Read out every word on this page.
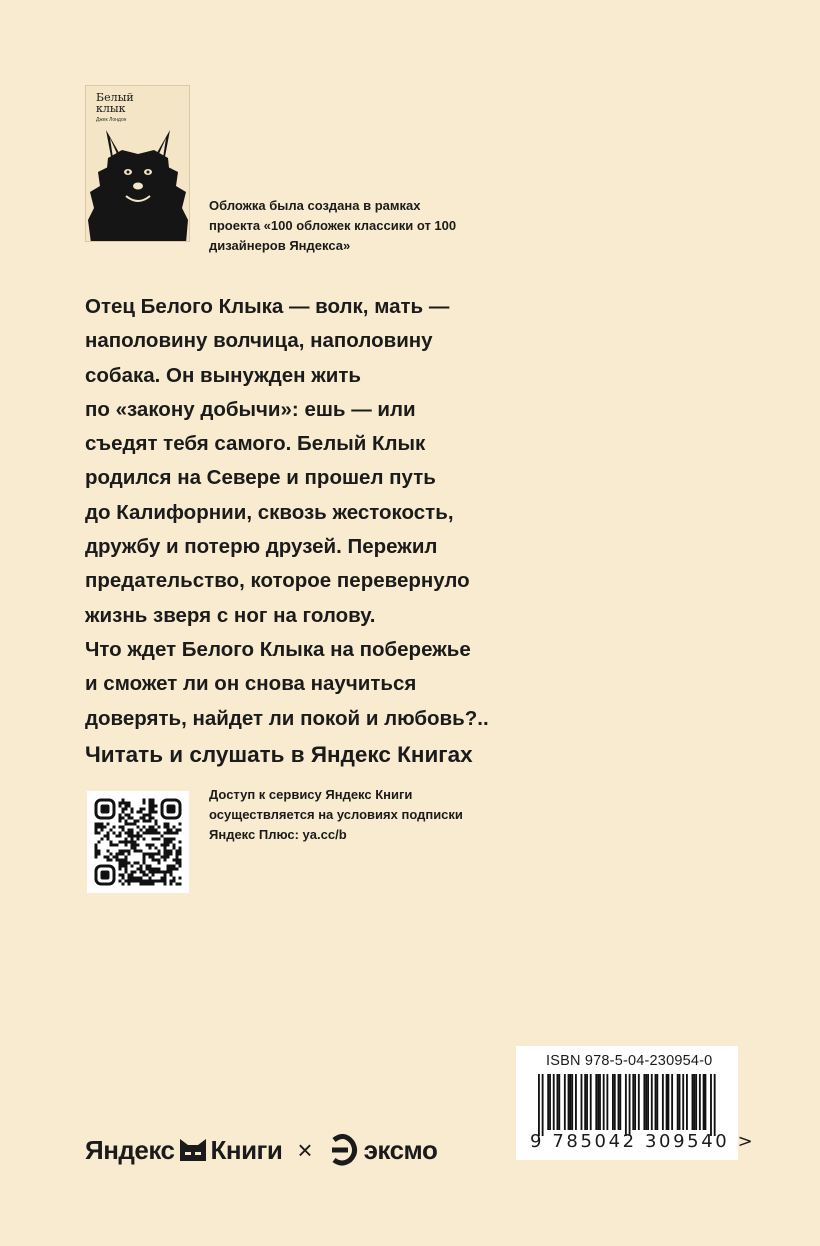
Белый
клык
Джек Лондон
Обложка была создана в рамках проекта «100 обложек классики от 100 дизайнеров Яндекса»
Отец Белого Клыка — волк, мать —
наполовину волчица, наполовину
собака. Он вынужден жить
по «закону добычи»: ешь — или
съедят тебя самого. Белый Клык
родился на Севере и прошел путь
до Калифорнии, сквозь жестокость,
дружбу и потерю друзей. Пережил
предательство, которое перевернуло
жизнь зверя с ног на голову.
Что ждет Белого Клыка на побережье
и сможет ли он снова научиться
доверять, найдет ли покой и любовь?..
Читать и слушать в Яндекс Книгах
Доступ к сервису Яндекс Книги осуществляется на условиях подписки Яндекс Плюс: ya.cc/b
ISBN 978-5-04-230954-0
9 785042 309540 >
Яндекс Книги × эксмо
